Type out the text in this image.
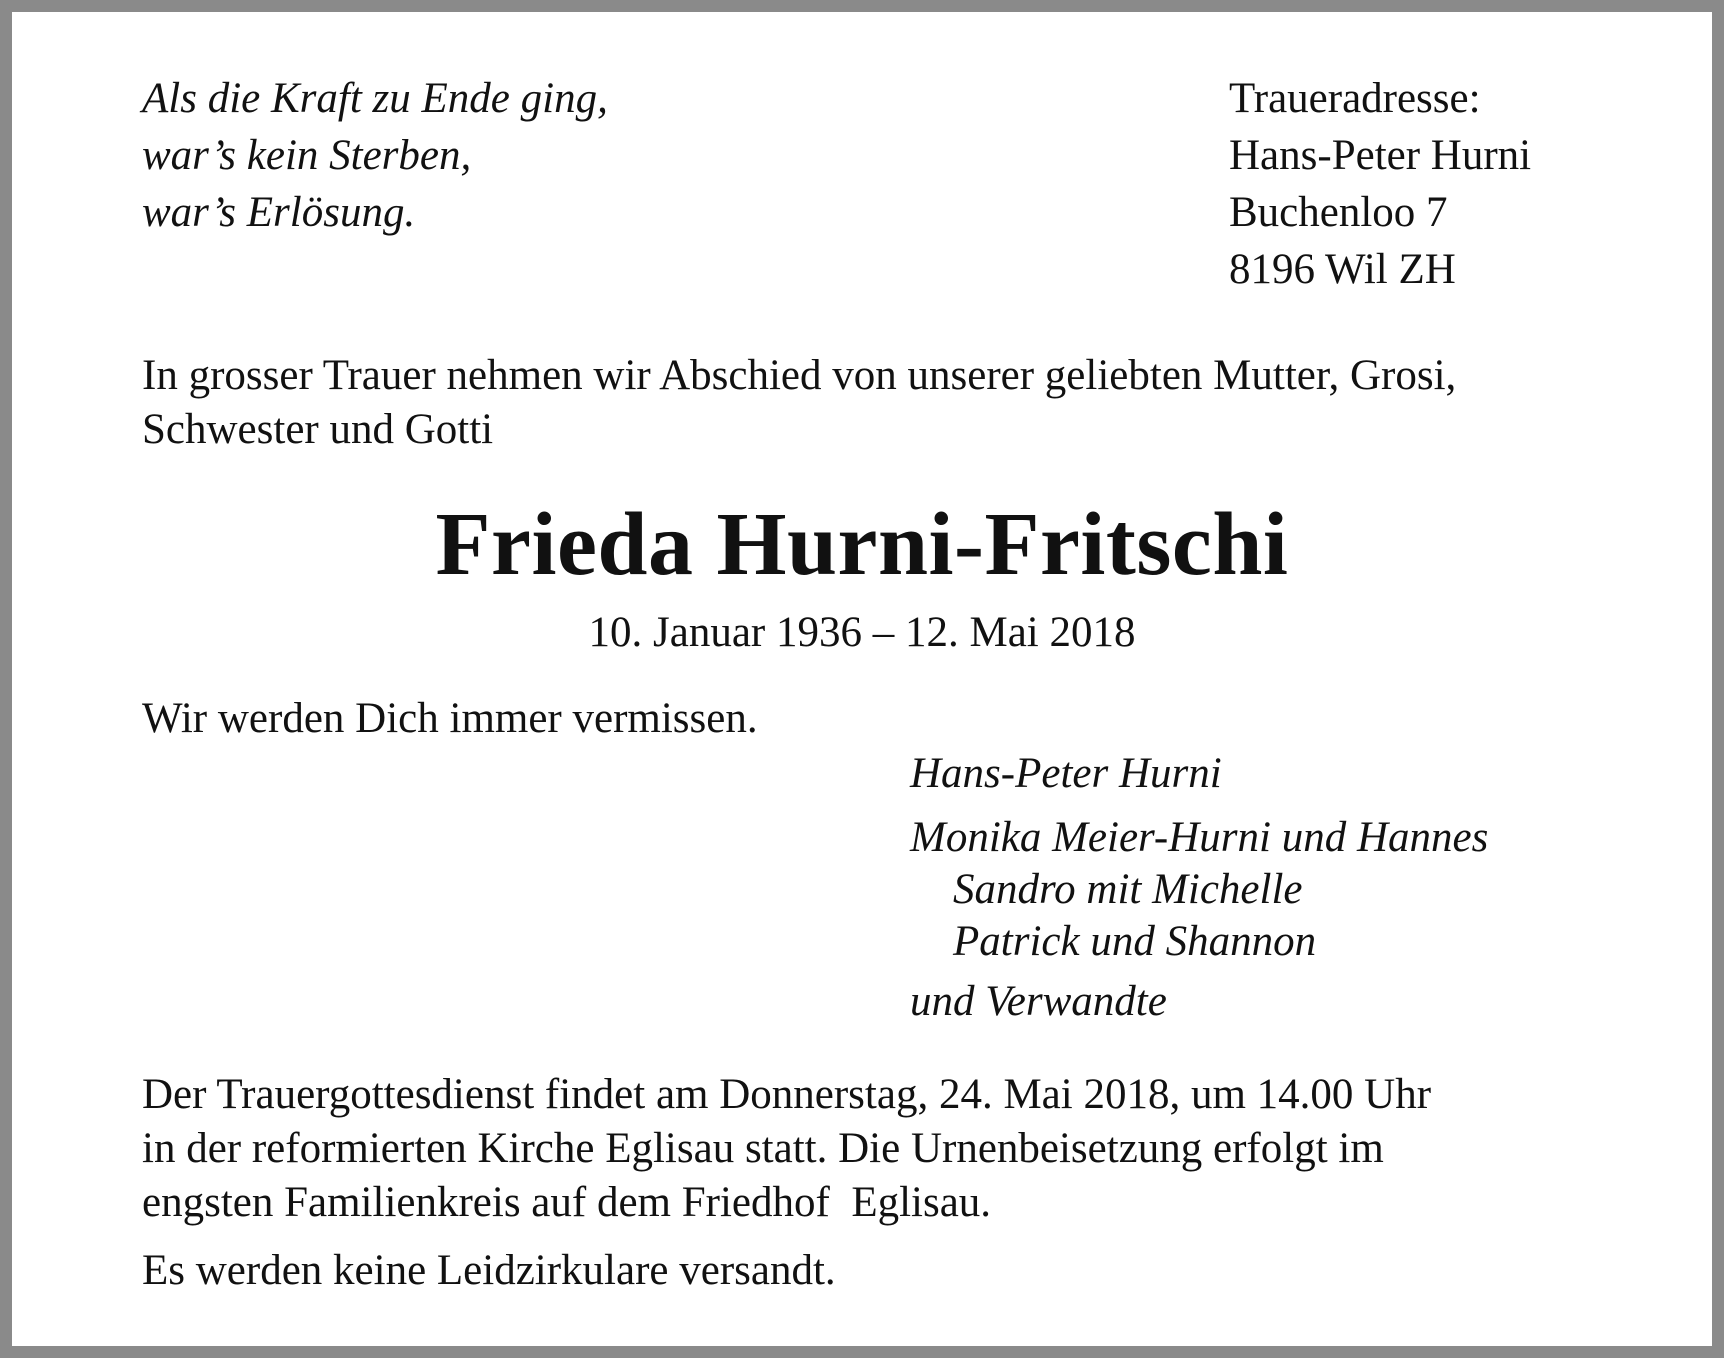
Als die Kraft zu Ende ging,
war’s kein Sterben,
war’s Erlösung.
Traueradresse:
Hans-Peter Hurni
Buchenloo 7
8196 Wil ZH
In grosser Trauer nehmen wir Abschied von unserer geliebten Mutter, Grosi,
Schwester und Gotti
Frieda Hurni-Fritschi
10. Januar 1936 – 12. Mai 2018
Wir werden Dich immer vermissen.
Hans-Peter Hurni
Monika Meier-Hurni und Hannes
Sandro mit Michelle
Patrick und Shannon
und Verwandte
Der Trauergottesdienst findet am Donnerstag, 24. Mai 2018, um 14.00 Uhr
in der reformierten Kirche Eglisau statt. Die Urnenbeisetzung erfolgt im
engsten Familienkreis auf dem Friedhof  Eglisau.
Es werden keine Leidzirkulare versandt.
